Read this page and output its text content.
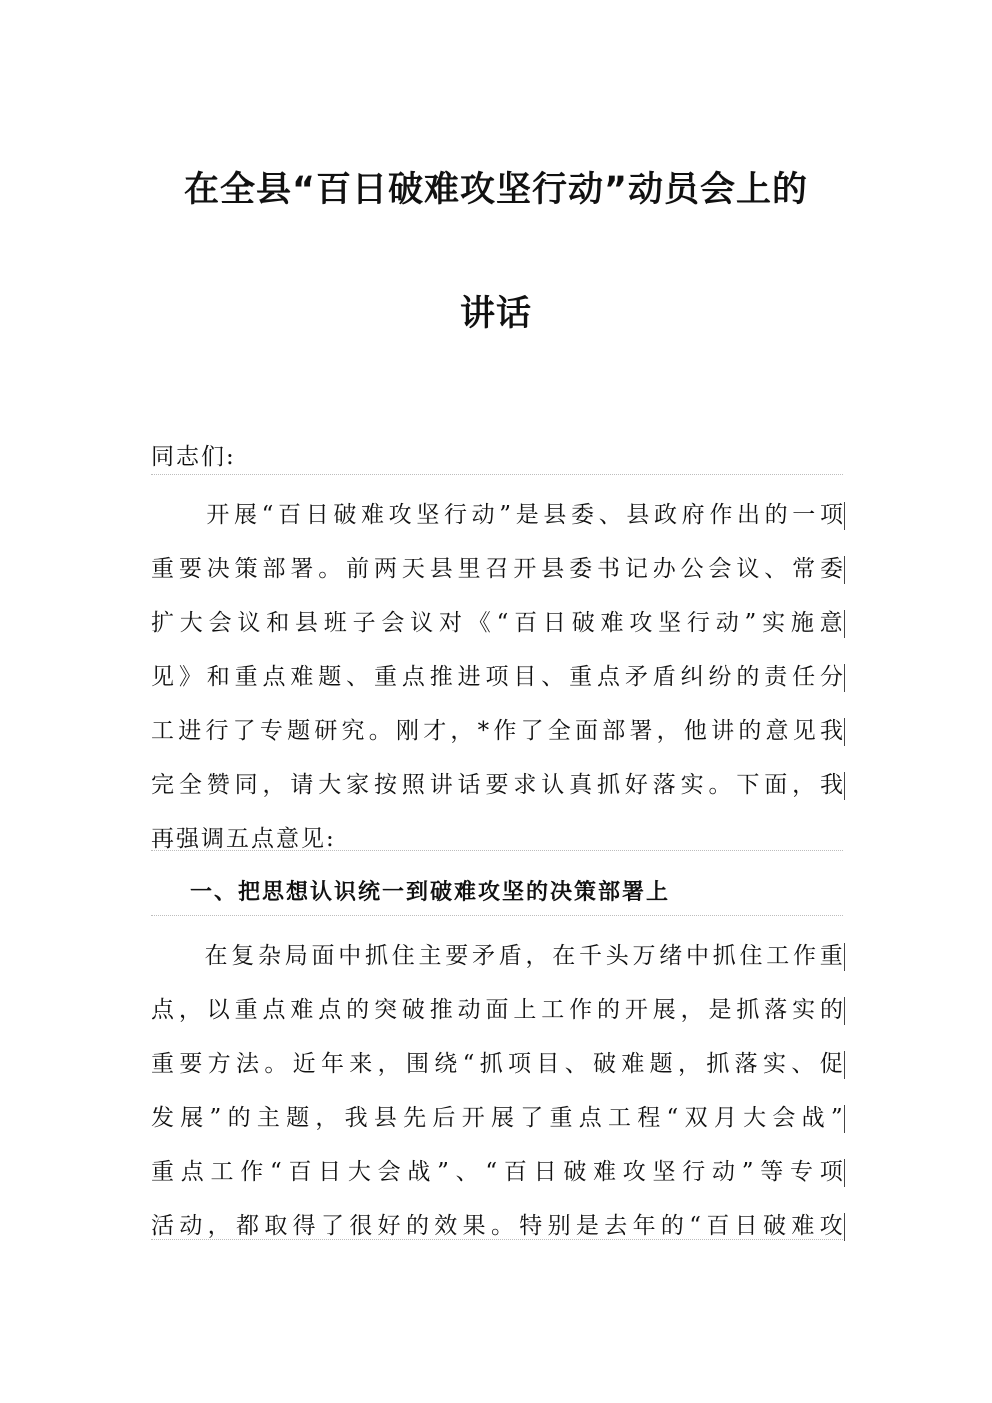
在全县“百日破难攻坚行动”动员会上的
讲话
同志们:

开 展 “ 百 日 破 难 攻 坚 行 动 ” 是 县 委 、 县 政 府 作 出 的 一 项
重 要 决 策 部 署 。 前 两 天 县 里 召 开 县 委 书 记 办 公 会 议 、 常 委
扩 大 会 议 和 县 班 子 会 议 对 《 “ 百 日 破 难 攻 坚 行 动 ” 实 施 意
见 》 和 重 点 难 题 、 重 点 推 进 项 目 、 重 点 矛 盾 纠 纷 的 责 任 分
工 进 行 了 专 题 研 究 。 刚 才 ， * 作 了 全 面 部 署 ， 他 讲 的 意 见 我
完 全 赞 同 ， 请 大 家 按 照 讲 话 要 求 认 真 抓 好 落 实 。 下 面 ， 我
再强调五点意见:
一、把思想认识统一到破难攻坚的决策部署上

在 复 杂 局 面 中 抓 住 主 要 矛 盾 ， 在 千 头 万 绪 中 抓 住 工 作 重
点 ， 以 重 点 难 点 的 突 破 推 动 面 上 工 作 的 开 展 ， 是 抓 落 实 的
重 要 方 法 。 近 年 来 ， 围 绕 “ 抓 项 目 、 破 难 题 ， 抓 落 实 、 促
发 展 ” 的 主 题 ， 我 县 先 后 开 展 了 重 点 工 程 “ 双 月 大 会 战 ”
重 点 工 作 “ 百 日 大 会 战 ” 、 “ 百 日 破 难 攻 坚 行 动 ” 等 专 项
活 动 ， 都 取 得 了 很 好 的 效 果 。 特 别 是 去 年 的 “ 百 日 破 难 攻
